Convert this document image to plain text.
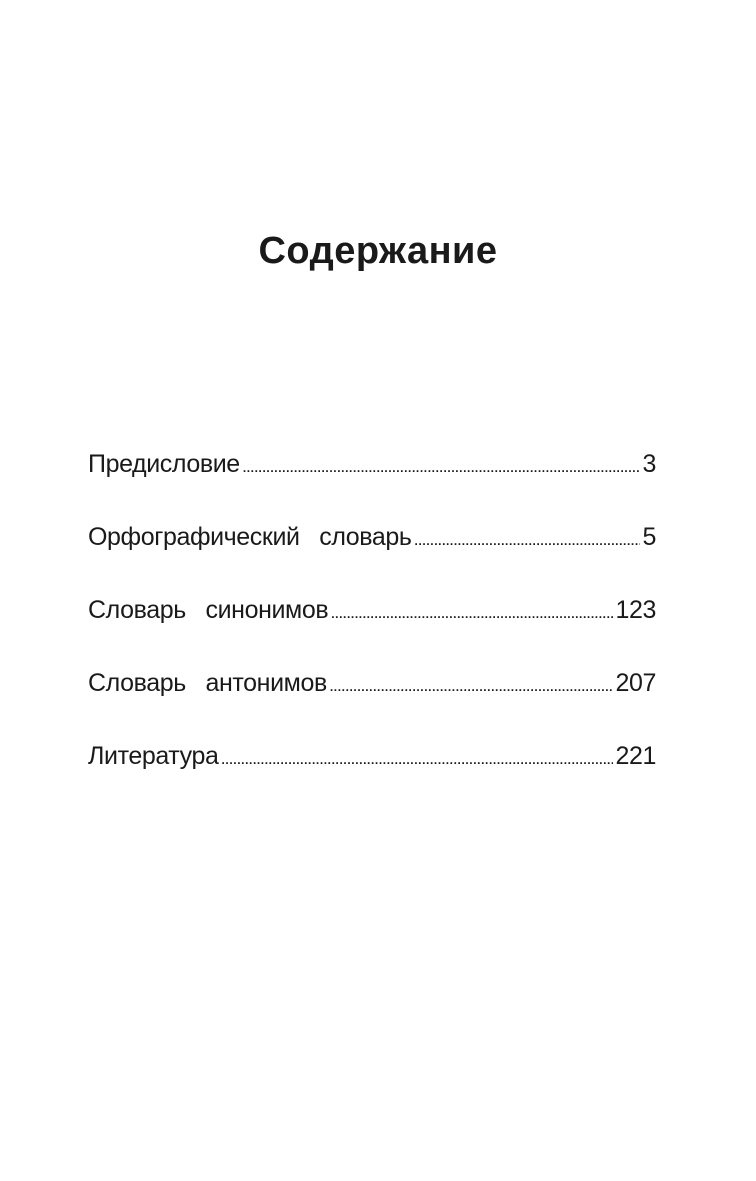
Содержание
Предисловие .....	3
Орфографический   словарь .....	5
Словарь   синонимов .....	123
Словарь   антонимов .....	207
Литература .....	221
